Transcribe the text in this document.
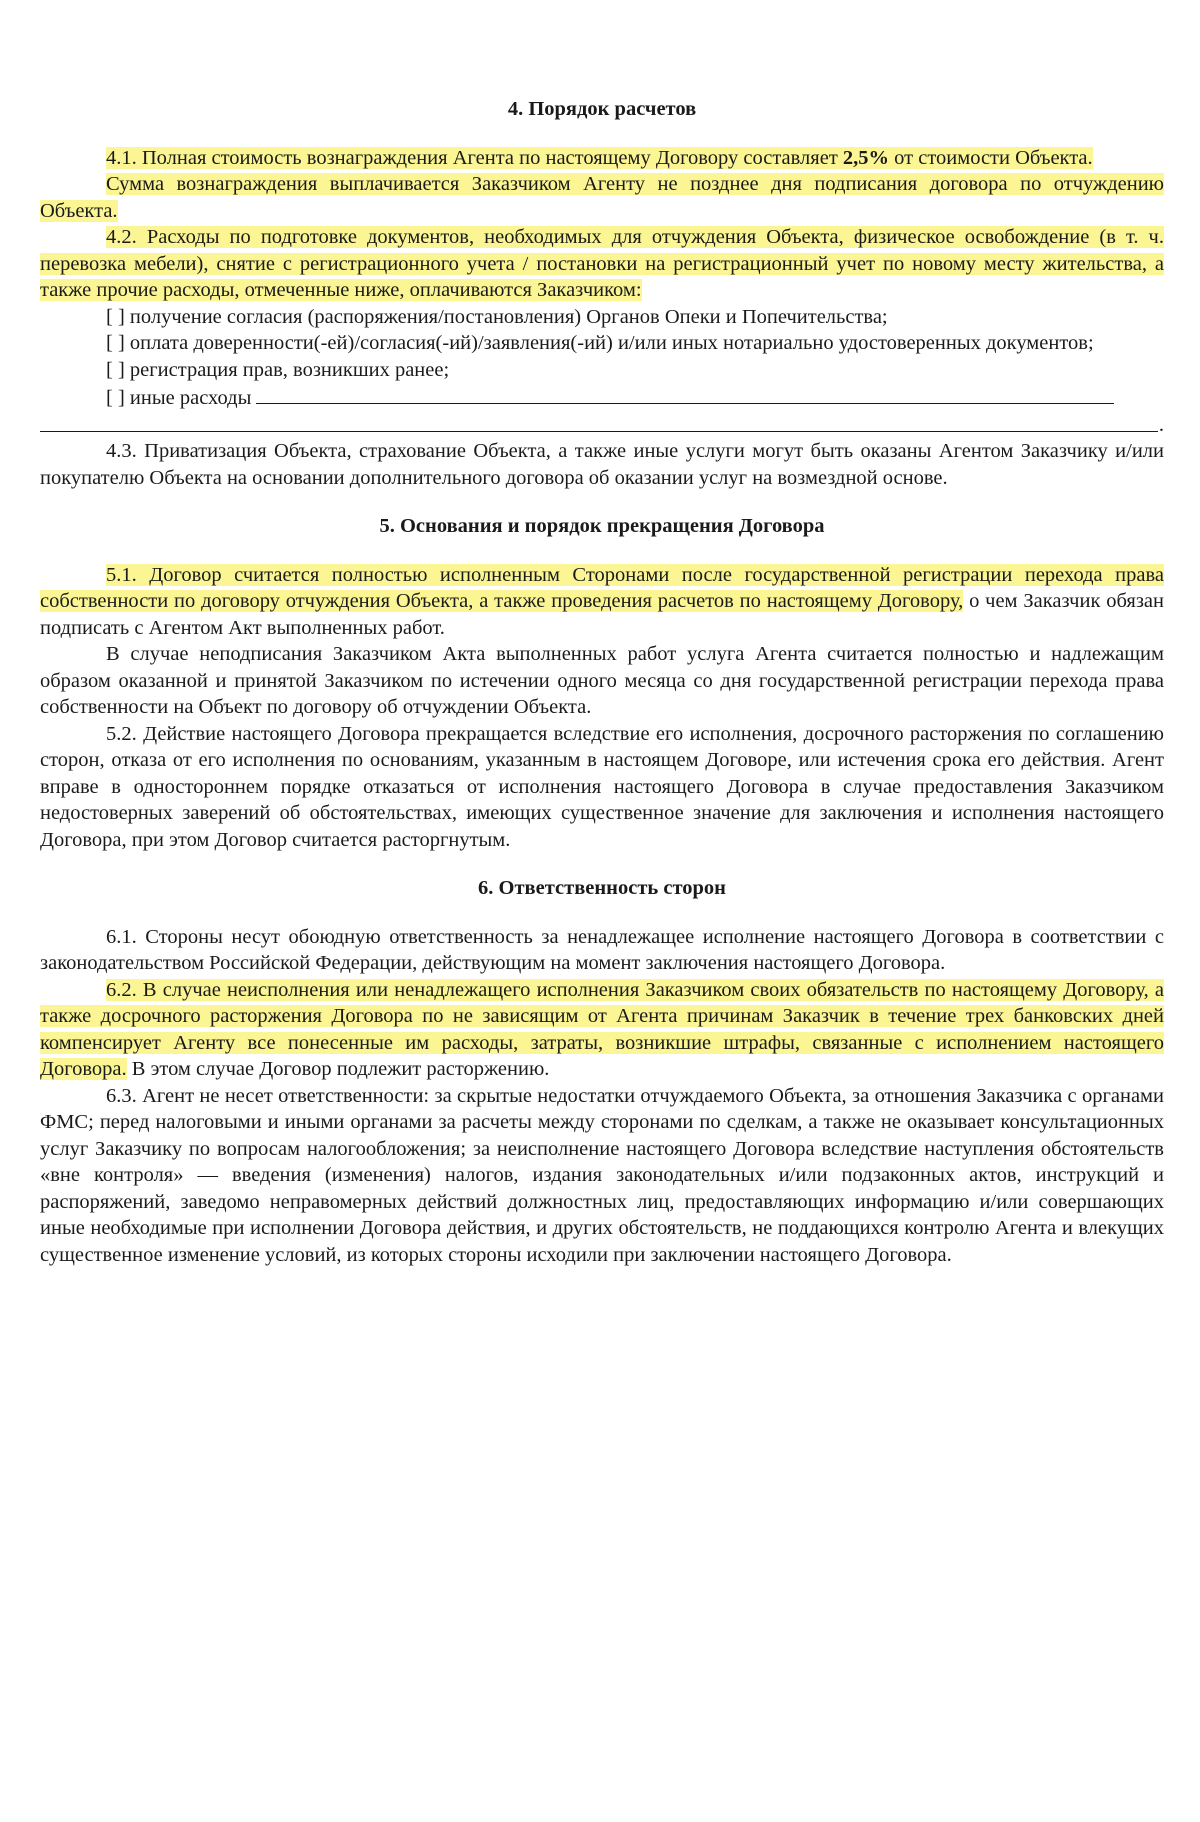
4. Порядок расчетов

4.1. Полная стоимость вознаграждения Агента по настоящему Договору составляет 2,5% от стоимости Объекта.

Сумма вознаграждения выплачивается Заказчиком Агенту не позднее дня подписания договора по отчуждению Объекта.

4.2. Расходы по подготовке документов, необходимых для отчуждения Объекта, физическое освобождение (в т. ч. перевозка мебели), снятие с регистрационного учета / постановки на регистрационный учет по новому месту жительства, а также прочие расходы, отмеченные ниже, оплачиваются Заказчиком:

[ ] получение согласия (распоряжения/постановления) Органов Опеки и Попечительства;

[ ] оплата доверенности(-ей)/согласия(-ий)/заявления(-ий) и/или иных нотариально удостоверенных документов;

[ ] регистрация прав, возникших ранее;

[ ] иные расходы

.

4.3. Приватизация Объекта, страхование Объекта, а также иные услуги могут быть оказаны Агентом Заказчику и/или покупателю Объекта на основании дополнительного договора об оказании услуг на возмездной основе.

5. Основания и порядок прекращения Договора

5.1. Договор считается полностью исполненным Сторонами после государственной регистрации перехода права собственности по договору отчуждения Объекта, а также проведения расчетов по настоящему Договору, о чем Заказчик обязан подписать с Агентом Акт выполненных работ.

В случае неподписания Заказчиком Акта выполненных работ услуга Агента считается полностью и надлежащим образом оказанной и принятой Заказчиком по истечении одного месяца со дня государственной регистрации перехода права собственности на Объект по договору об отчуждении Объекта.

5.2. Действие настоящего Договора прекращается вследствие его исполнения, досрочного расторжения по соглашению сторон, отказа от его исполнения по основаниям, указанным в настоящем Договоре, или истечения срока его действия. Агент вправе в одностороннем порядке отказаться от исполнения настоящего Договора в случае предоставления Заказчиком недостоверных заверений об обстоятельствах, имеющих существенное значение для заключения и исполнения настоящего Договора, при этом Договор считается расторгнутым.

6. Ответственность сторон

6.1. Стороны несут обоюдную ответственность за ненадлежащее исполнение настоящего Договора в соответствии с законодательством Российской Федерации, действующим на момент заключения настоящего Договора.

6.2. В случае неисполнения или ненадлежащего исполнения Заказчиком своих обязательств по настоящему Договору, а также досрочного расторжения Договора по не зависящим от Агента причинам Заказчик в течение трех банковских дней компенсирует Агенту все понесенные им расходы, затраты, возникшие штрафы, связанные с исполнением настоящего Договора. В этом случае Договор подлежит расторжению.

6.3. Агент не несет ответственности: за скрытые недостатки отчуждаемого Объекта, за отношения Заказчика с органами ФМС; перед налоговыми и иными органами за расчеты между сторонами по сделкам, а также не оказывает консультационных услуг Заказчику по вопросам налогообложения; за неисполнение настоящего Договора вследствие наступления обстоятельств «вне контроля» — введения (изменения) налогов, издания законодательных и/или подзаконных актов, инструкций и распоряжений, заведомо неправомерных действий должностных лиц, предоставляющих информацию и/или совершающих иные необходимые при исполнении Договора действия, и других обстоятельств, не поддающихся контролю Агента и влекущих существенное изменение условий, из которых стороны исходили при заключении настоящего Договора.
